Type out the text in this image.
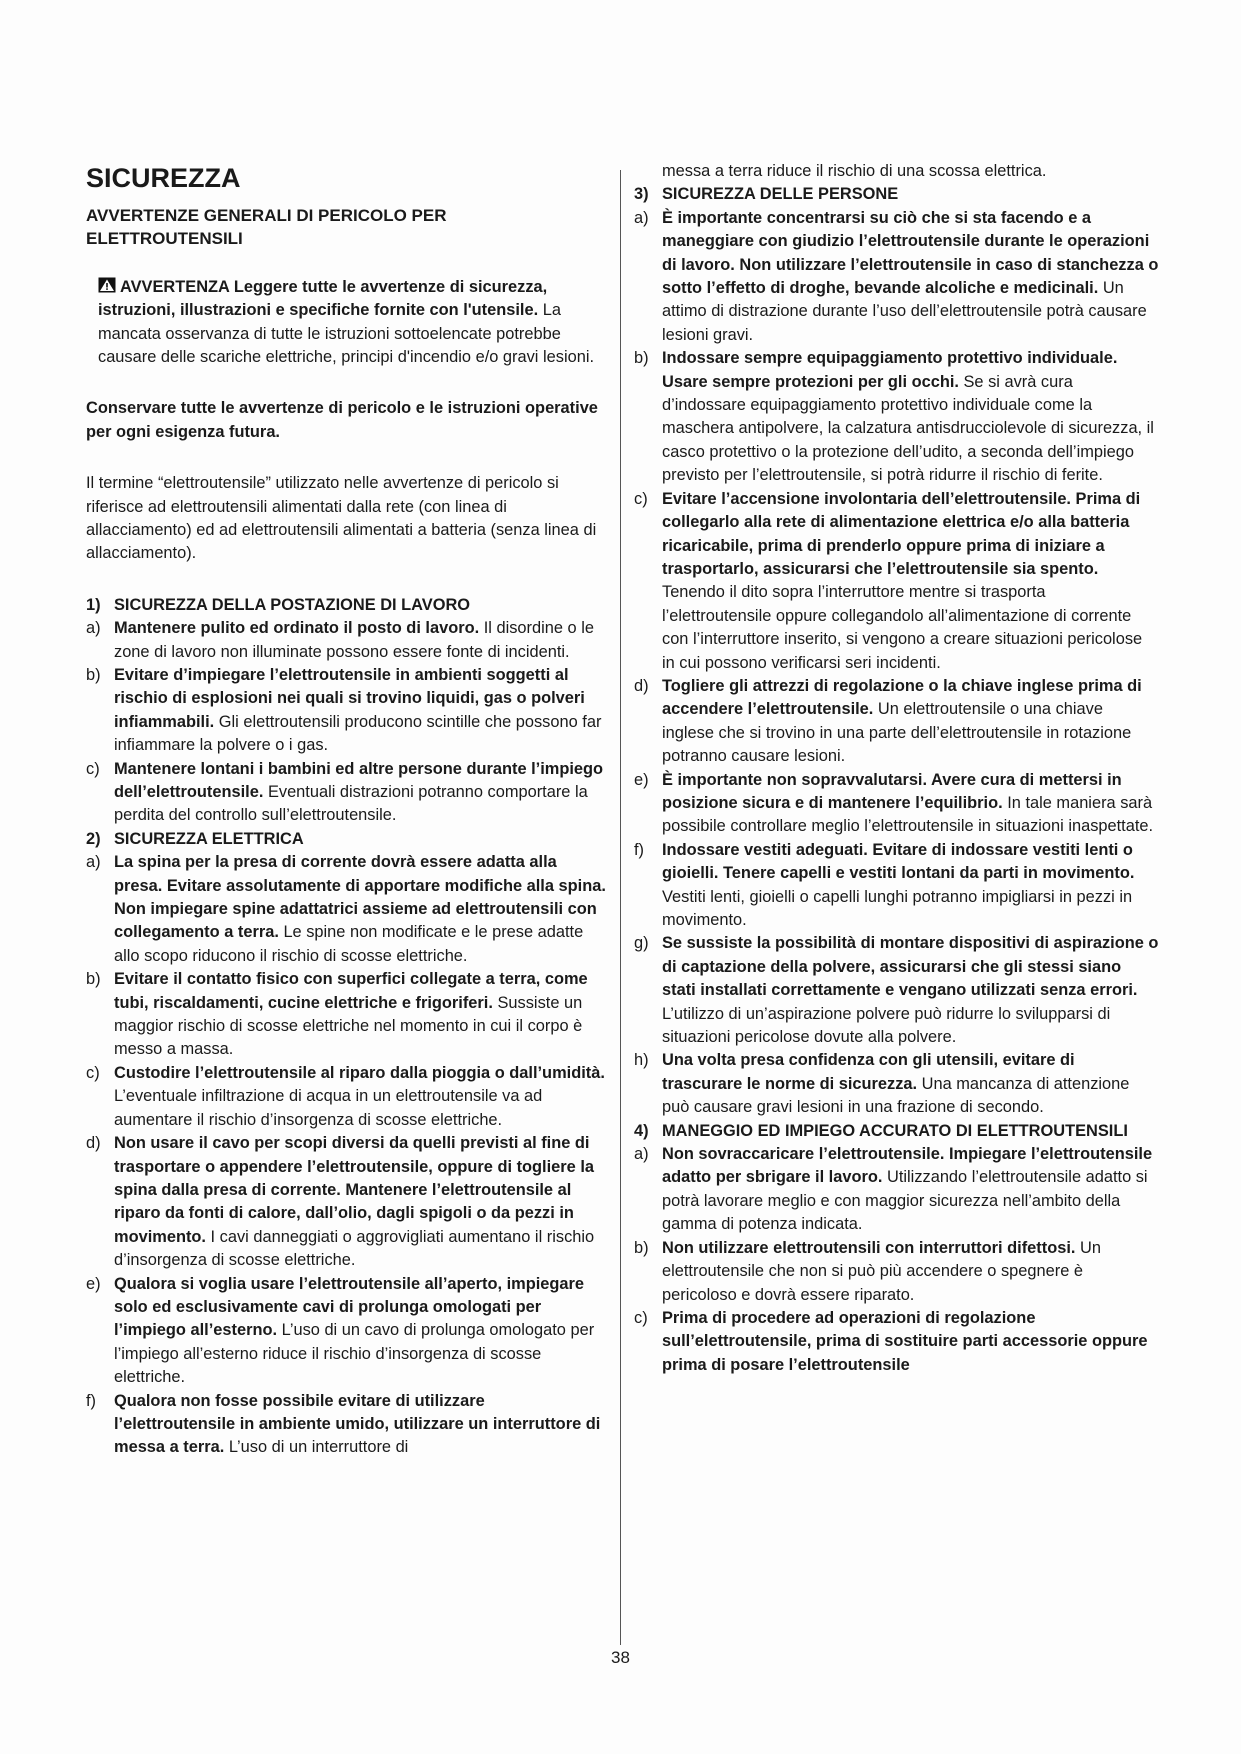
SICUREZZA
AVVERTENZE GENERALI DI PERICOLO PER ELETTROUTENSILI
AVVERTENZA Leggere tutte le avvertenze di sicurezza, istruzioni, illustrazioni e specifiche fornite con l'utensile. La mancata osservanza di tutte le istruzioni sottoelencate potrebbe causare delle scariche elettriche, principi d'incendio e/o gravi lesioni.
Conservare tutte le avvertenze di pericolo e le istruzioni operative per ogni esigenza futura.
Il termine “elettroutensile” utilizzato nelle avvertenze di pericolo si riferisce ad elettroutensili alimentati dalla rete (con linea di allacciamento) ed ad elettroutensili alimentati a batteria (senza linea di allacciamento).
1) SICUREZZA DELLA POSTAZIONE DI LAVORO
a) Mantenere pulito ed ordinato il posto di lavoro. Il disordine o le zone di lavoro non illuminate possono essere fonte di incidenti.
b) Evitare d’impiegare l’elettroutensile in ambienti soggetti al rischio di esplosioni nei quali si trovino liquidi, gas o polveri infiammabili. Gli elettroutensili producono scintille che possono far infiammare la polvere o i gas.
c) Mantenere lontani i bambini ed altre persone durante l’impiego dell’elettroutensile. Eventuali distrazioni potranno comportare la perdita del controllo sull’elettroutensile.
2) SICUREZZA ELETTRICA
a) La spina per la presa di corrente dovrà essere adatta alla presa. Evitare assolutamente di apportare modifiche alla spina. Non impiegare spine adattatrici assieme ad elettroutensili con collegamento a terra. Le spine non modificate e le prese adatte allo scopo riducono il rischio di scosse elettriche.
b) Evitare il contatto fisico con superfici collegate a terra, come tubi, riscaldamenti, cucine elettriche e frigoriferi. Sussiste un maggior rischio di scosse elettriche nel momento in cui il corpo è messo a massa.
c) Custodire l’elettroutensile al riparo dalla pioggia o dall’umidità. L’eventuale infiltrazione di acqua in un elettroutensile va ad aumentare il rischio d’insorgenza di scosse elettriche.
d) Non usare il cavo per scopi diversi da quelli previsti al fine di trasportare o appendere l’elettroutensile, oppure di togliere la spina dalla presa di corrente. Mantenere l’elettroutensile al riparo da fonti di calore, dall’olio, dagli spigoli o da pezzi in movimento. I cavi danneggiati o aggrovigliati aumentano il rischio d’insorgenza di scosse elettriche.
e) Qualora si voglia usare l’elettroutensile all’aperto, impiegare solo ed esclusivamente cavi di prolunga omologati per l’impiego all’esterno. L’uso di un cavo di prolunga omologato per l’impiego all’esterno riduce il rischio d’insorgenza di scosse elettriche.
f)	Qualora non fosse possibile evitare di utilizzare l’elettroutensile in ambiente umido, utilizzare un interruttore di messa a terra. L’uso di un interruttore di
messa a terra riduce il rischio di una scossa elettrica.
3) SICUREZZA DELLE PERSONE
a) È importante concentrarsi su ciò che si sta facendo e a maneggiare con giudizio l’elettroutensile durante le operazioni di lavoro. Non utilizzare l’elettroutensile in caso di stanchezza o sotto l’effetto di droghe, bevande alcoliche e medicinali. Un attimo di distrazione durante l’uso dell’elettroutensile potrà causare lesioni gravi.
b) Indossare sempre equipaggiamento protettivo individuale. Usare sempre protezioni per gli occhi. Se si avrà cura d’indossare equipaggiamento protettivo individuale come la maschera antipolvere, la calzatura antisdrucciolevole di sicurezza, il casco protettivo o la protezione dell’udito, a seconda dell’impiego previsto per l’elettroutensile, si potrà ridurre il rischio di ferite.
c) Evitare l’accensione involontaria dell’elettroutensile. Prima di collegarlo alla rete di alimentazione elettrica e/o alla batteria ricaricabile, prima di prenderlo oppure prima di iniziare a trasportarlo, assicurarsi che l’elettroutensile sia spento. Tenendo il dito sopra l’interruttore mentre si trasporta l’elettroutensile oppure collegandolo all’alimentazione di corrente con l’interruttore inserito, si vengono a creare situazioni pericolose in cui possono verificarsi seri incidenti.
d) Togliere gli attrezzi di regolazione o la chiave inglese prima di accendere l’elettroutensile. Un elettroutensile o una chiave inglese che si trovino in una parte dell’elettroutensile in rotazione potranno causare lesioni.
e) È importante non sopravvalutarsi. Avere cura di mettersi in posizione sicura e di mantenere l’equilibrio. In tale maniera sarà possibile controllare meglio l’elettroutensile in situazioni inaspettate.
f)	Indossare vestiti adeguati. Evitare di indossare vestiti lenti o gioielli. Tenere capelli e vestiti lontani da parti in movimento. Vestiti lenti, gioielli o capelli lunghi potranno impigliarsi in pezzi in movimento.
g) Se sussiste la possibilità di montare dispositivi di aspirazione o di captazione della polvere, assicurarsi che gli stessi siano stati installati correttamente e vengano utilizzati senza errori. L’utilizzo di un’aspirazione polvere può ridurre lo svilupparsi di situazioni pericolose dovute alla polvere.
h) Una volta presa confidenza con gli utensili, evitare di trascurare le norme di sicurezza. Una mancanza di attenzione può causare gravi lesioni in una frazione di secondo.
4) MANEGGIO ED IMPIEGO ACCURATO DI ELETTROUTENSILI
a) Non sovraccaricare l’elettroutensile. Impiegare l’elettroutensile adatto per sbrigare il lavoro. Utilizzando l’elettroutensile adatto si potrà lavorare meglio e con maggior sicurezza nell’ambito della gamma di potenza indicata.
b) Non utilizzare elettroutensili con interruttori difettosi. Un elettroutensile che non si può più accendere o spegnere è pericoloso e dovrà essere riparato.
c) Prima di procedere ad operazioni di regolazione sull’elettroutensile, prima di sostituire parti accessorie oppure prima di posare l’elettroutensile
38
